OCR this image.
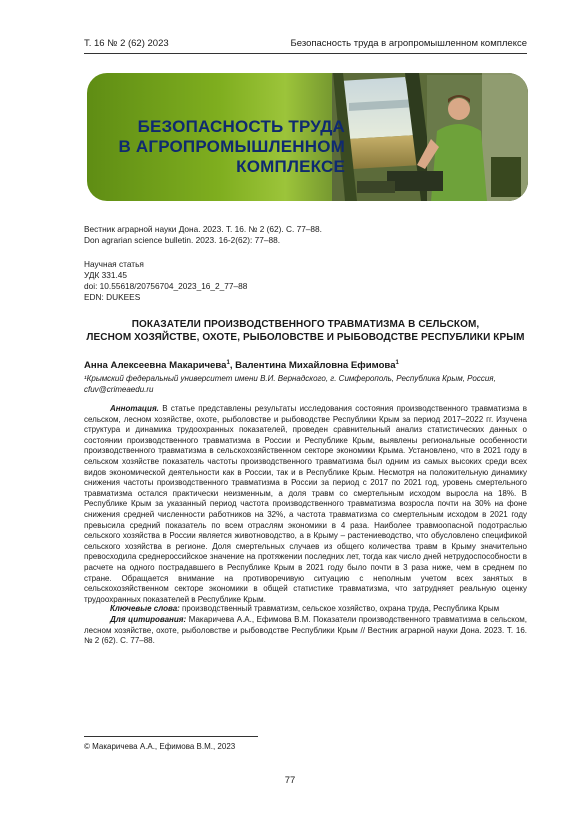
Т. 16 № 2 (62) 2023	Безопасность труда в агропромышленном комплексе
БЕЗОПАСНОСТЬ ТРУДА
В АГРОПРОМЫШЛЕННОМ
КОМПЛЕКСЕ
Вестник аграрной науки Дона. 2023. Т. 16. № 2 (62). С. 77–88.
Don agrarian science bulletin. 2023. 16-2(62): 77–88.
Научная статья
УДК 331.45
doi: 10.55618/20756704_2023_16_2_77–88
EDN: DUKEES
ПОКАЗАТЕЛИ ПРОИЗВОДСТВЕННОГО ТРАВМАТИЗМА В СЕЛЬСКОМ,
ЛЕСНОМ ХОЗЯЙСТВЕ, ОХОТЕ, РЫБОЛОВСТВЕ И РЫБОВОДСТВЕ РЕСПУБЛИКИ КРЫМ
Анна Алексеевна Макаричева$^1$, Валентина Михайловна Ефимова$^1$
¹Крымский федеральный университет имени В.И. Вернадского, г. Симферополь, Республика Крым, Россия, cfuv@crimeaedu.ru
Аннотация. В статье представлены результаты исследования состояния производственного травматизма в сельском, лесном хозяйстве, охоте, рыболовстве и рыбоводстве Республики Крым за период 2017–2022 гг. Изучена структура и динамика трудоохранных показателей, проведен сравнительный анализ статистических данных о состоянии производственного травматизма в России и Республике Крым, выявлены региональные особенности производственного травматизма в сельскохозяйственном секторе экономики Крыма. Установлено, что в 2021 году в сельском хозяйстве показатель частоты производственного травматизма был одним из самых высоких среди всех видов экономической деятельности как в России, так и в Республике Крым. Несмотря на положительную динамику снижения частоты производственного травматизма в России за период с 2017 по 2021 год, уровень смертельного травматизма остался практически неизменным, а доля травм со смертельным исходом выросла на 18%. В Республике Крым за указанный период частота производственного травматизма возросла почти на 30% на фоне снижения средней численности работников на 32%, а частота травматизма со смертельным исходом в 2021 году превысила средний показатель по всем отраслям экономики в 4 раза. Наиболее травмоопасной подотраслью сельского хозяйства в России является животноводство, а в Крыму – растениеводство, что обусловлено спецификой сельского хозяйства в регионе. Доля смертельных случаев из общего количества травм в Крыму значительно превосходила среднероссийское значение на протяжении последних лет, тогда как число дней нетрудоспособности в расчете на одного пострадавшего в Республике Крым в 2021 году было почти в 3 раза ниже, чем в среднем по стране. Обращается внимание на противоречивую ситуацию с неполным учетом всех занятых в сельскохозяйственном секторе экономики в общей статистике травматизма, что затрудняет реальную оценку трудоохранных показателей в Республике Крым.
Ключевые слова: производственный травматизм, сельское хозяйство, охрана труда, Республика Крым
Для цитирования: Макаричева А.А., Ефимова В.М. Показатели производственного травматизма в сельском, лесном хозяйстве, охоте, рыболовстве и рыбоводстве Республики Крым // Вестник аграрной науки Дона. 2023. Т. 16. № 2 (62). С. 77–88.
© Макаричева А.А., Ефимова В.М., 2023
77
